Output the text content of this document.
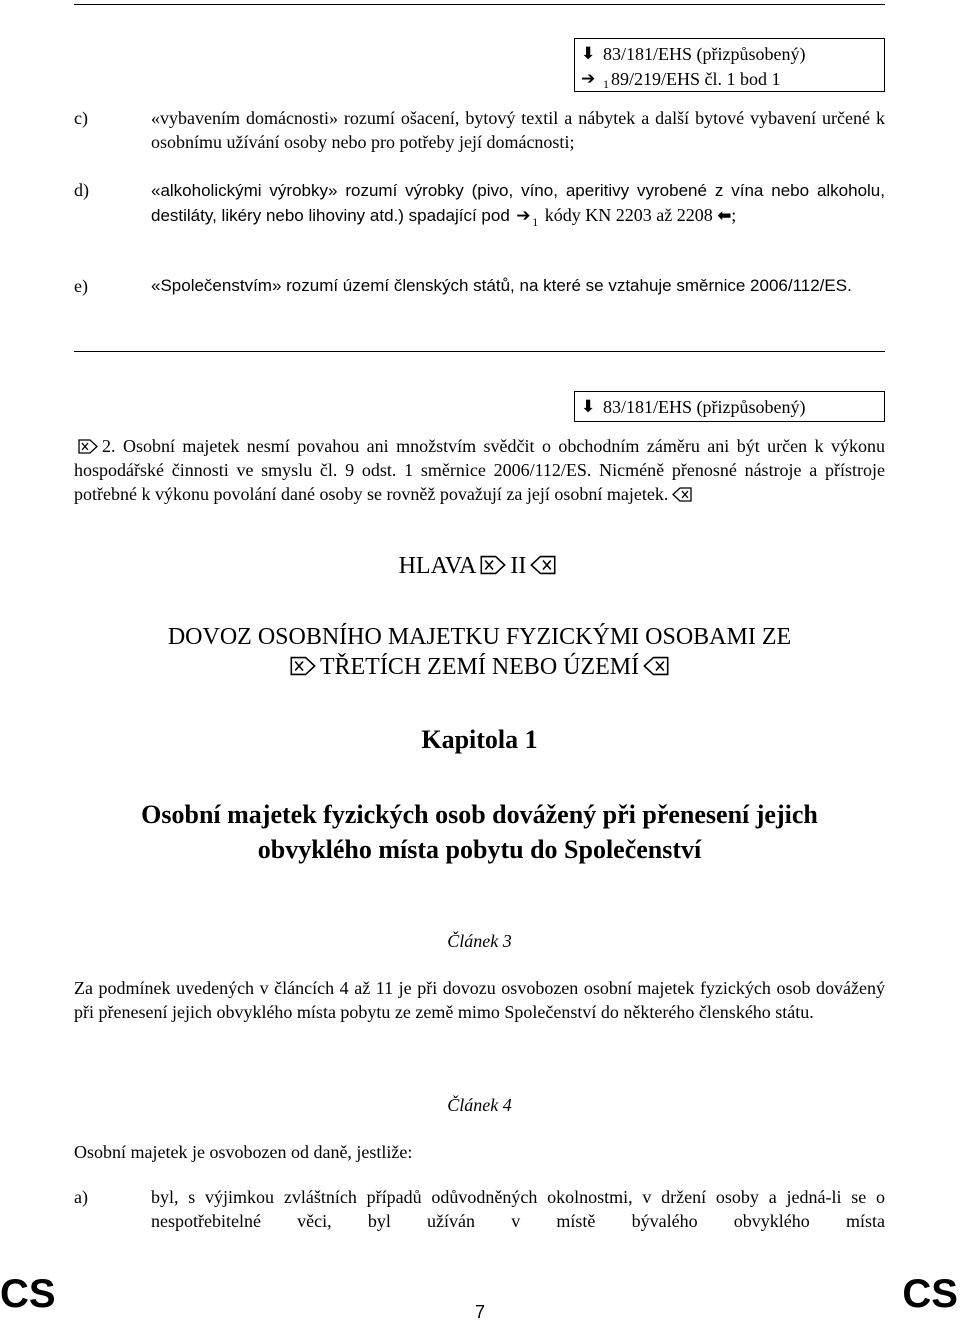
⬇ 83/181/EHS (přizpůsobený)
➔ 1 89/219/EHS čl. 1 bod 1
c)	«vybavením domácnosti» rozumí ošacení, bytový textil a nábytek a další bytové vybavení určené k osobnímu užívání osoby nebo pro potřeby její domácnosti;
d)	«alkoholickými výrobky» rozumí výrobky (pivo, víno, aperitivy vyrobené z vína nebo alkoholu, destiláty, likéry nebo lihoviny atd.) spadající pod ➔ $_1$ kódy KN 2203 až 2208 ⬅;
e)	«Společenstvím» rozumí území členských států, na které se vztahuje směrnice 2006/112/ES.
⬇ 83/181/EHS (přizpůsobený)
2. Osobní majetek nesmí povahou ani množstvím svědčit o obchodním záměru ani být určen k výkonu hospodářské činnosti ve smyslu čl. 9 odst. 1 směrnice 2006/112/ES. Nicméně přenosné nástroje a přístroje potřebné k výkonu povolání dané osoby se rovněž považují za její osobní majetek.
HLAVA II
DOVOZ OSOBNÍHO MAJETKU FYZICKÝMI OSOBAMI ZE
TŘETÍCH ZEMÍ NEBO ÚZEMÍ
Kapitola 1
Osobní majetek fyzických osob dovážený při přenesení jejich
obvyklého místa pobytu do Společenství
Článek 3
Za podmínek uvedených v článcích 4 až 11 je při dovozu osvobozen osobní majetek fyzických osob dovážený při přenesení jejich obvyklého místa pobytu ze země mimo Společenství do některého členského státu.
Článek 4
Osobní majetek je osvobozen od daně, jestliže:
a)	byl, s výjimkou zvláštních případů odůvodněných okolnostmi, v držení osoby a jedná-li se o nespotřebitelné věci, byl užíván v místě bývalého obvyklého místa
CS	CS
7
